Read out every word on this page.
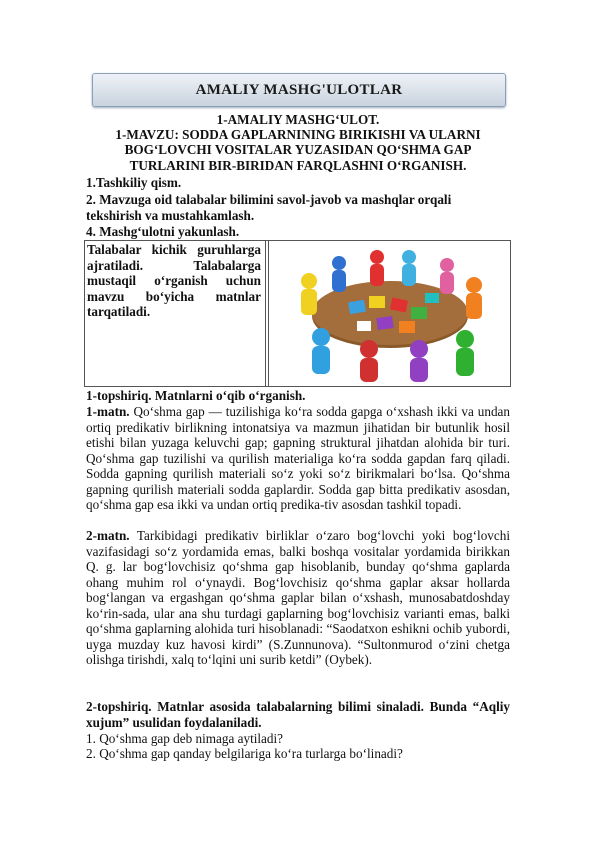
AMALIY MASHG'ULOTLAR
1-AMALIY MASHG‘ULOT.
1-MAVZU: SODDA GAPLARNINING BIRIKISHI VA ULARNI
BOG‘LOVCHI VOSITALAR YUZASIDAN QO‘SHMA GAP
TURLARINI BIR-BIRIDAN FARQLASHNI O‘RGANISH.
1.Tashkiliy qism.
2. Mavzuga oid talabalar bilimini savol-javob va mashqlar orqali
tekshirish va mustahkamlash.
4. Mashg‘ulotni yakunlash.
Talabalar kichik guruhlarga ajratiladi. Talabalarga mustaqil o‘rganish uchun mavzu bo‘yicha matnlar tarqatiladi.
1-topshiriq. Matnlarni o‘qib o‘rganish.
1-matn. Qo‘shma gap — tuzilishiga ko‘ra sodda gapga o‘xshash ikki va undan ortiq predikativ birlikning intonatsiya va mazmun jihatidan bir butunlik hosil etishi bilan yuzaga keluvchi gap; gapning struktural jihatdan alohida bir turi. Qo‘shma gap tuzilishi va qurilish materialiga ko‘ra sodda gapdan farq qiladi. Sodda gapning qurilish materiali so‘z yoki so‘z birikmalari bo‘lsa. Qo‘shma gapning qurilish materiali sodda gaplardir. Sodda gap bitta predikativ asosdan, qo‘shma gap esa ikki va undan ortiq predika-tiv asosdan tashkil topadi.
2-matn. Tarkibidagi predikativ birliklar o‘zaro bog‘lovchi yoki bog‘lovchi vazifasidagi so‘z yordamida emas, balki boshqa vositalar yordamida birikkan Q. g. lar bog‘lovchisiz qo‘shma gap hisoblanib, bunday qo‘shma gaplarda ohang muhim rol o‘ynaydi. Bog‘lovchisiz qo‘shma gaplar aksar hollarda bog‘langan va ergashgan qo‘shma gaplar bilan o‘xshash, munosabatdoshday ko‘rin-sada, ular ana shu turdagi gaplarning bog‘lovchisiz varianti emas, balki qo‘shma gaplarning alohida turi hisoblanadi: “Saodatxon eshikni ochib yubordi, uyga muzday kuz havosi kirdi” (S.Zunnunova). “Sultonmurod o‘zini chetga olishga tirishdi, xalq to‘lqini uni surib ketdi” (Oybek).
2-topshiriq. Matnlar asosida talabalarning bilimi sinaladi. Bunda “Aqliy xujum” usulidan foydalaniladi.
1. Qo‘shma gap deb nimaga aytiladi?
2. Qo‘shma gap qanday belgilariga ko‘ra turlarga bo‘linadi?
